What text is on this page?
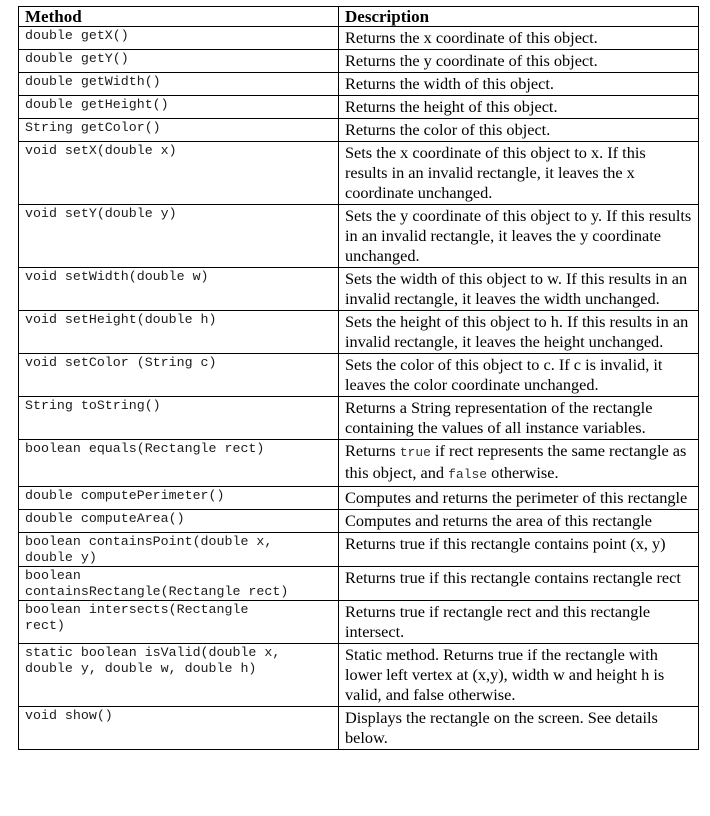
Method	Description
double getX()	Returns the x coordinate of this object.
double getY()	Returns the y coordinate of this object.
double getWidth()	Returns the width of this object.
double getHeight()	Returns the height of this object.
String getColor()	Returns the color of this object.
void setX(double x)	Sets the x coordinate of this object to x. If this results in an invalid rectangle, it leaves the x coordinate unchanged.
void setY(double y)	Sets the y coordinate of this object to y. If this results in an invalid rectangle, it leaves the y coordinate unchanged.
void setWidth(double w)	Sets the width of this object to w. If this results in an invalid rectangle, it leaves the width unchanged.
void setHeight(double h)	Sets the height of this object to h. If this results in an invalid rectangle, it leaves the height unchanged.
void setColor (String c)	Sets the color of this object to c. If c is invalid, it leaves the color coordinate unchanged.
String toString()	Returns a String representation of the rectangle containing the values of all instance variables.
boolean equals(Rectangle rect)	Returns true if rect represents the same rectangle as this object, and false otherwise.
double computePerimeter()	Computes and returns the perimeter of this rectangle
double computeArea()	Computes and returns the area of this rectangle
boolean containsPoint(double x,
double y)	Returns true if this rectangle contains point (x, y)
boolean
containsRectangle(Rectangle rect)	Returns true if this rectangle contains rectangle rect
boolean intersects(Rectangle
rect)	Returns true if rectangle rect and this rectangle intersect.
static boolean isValid(double x,
double y, double w, double h)	Static method. Returns true if the rectangle with lower left vertex at (x,y), width w and height h is valid, and false otherwise.
void show()	Displays the rectangle on the screen. See details below.
